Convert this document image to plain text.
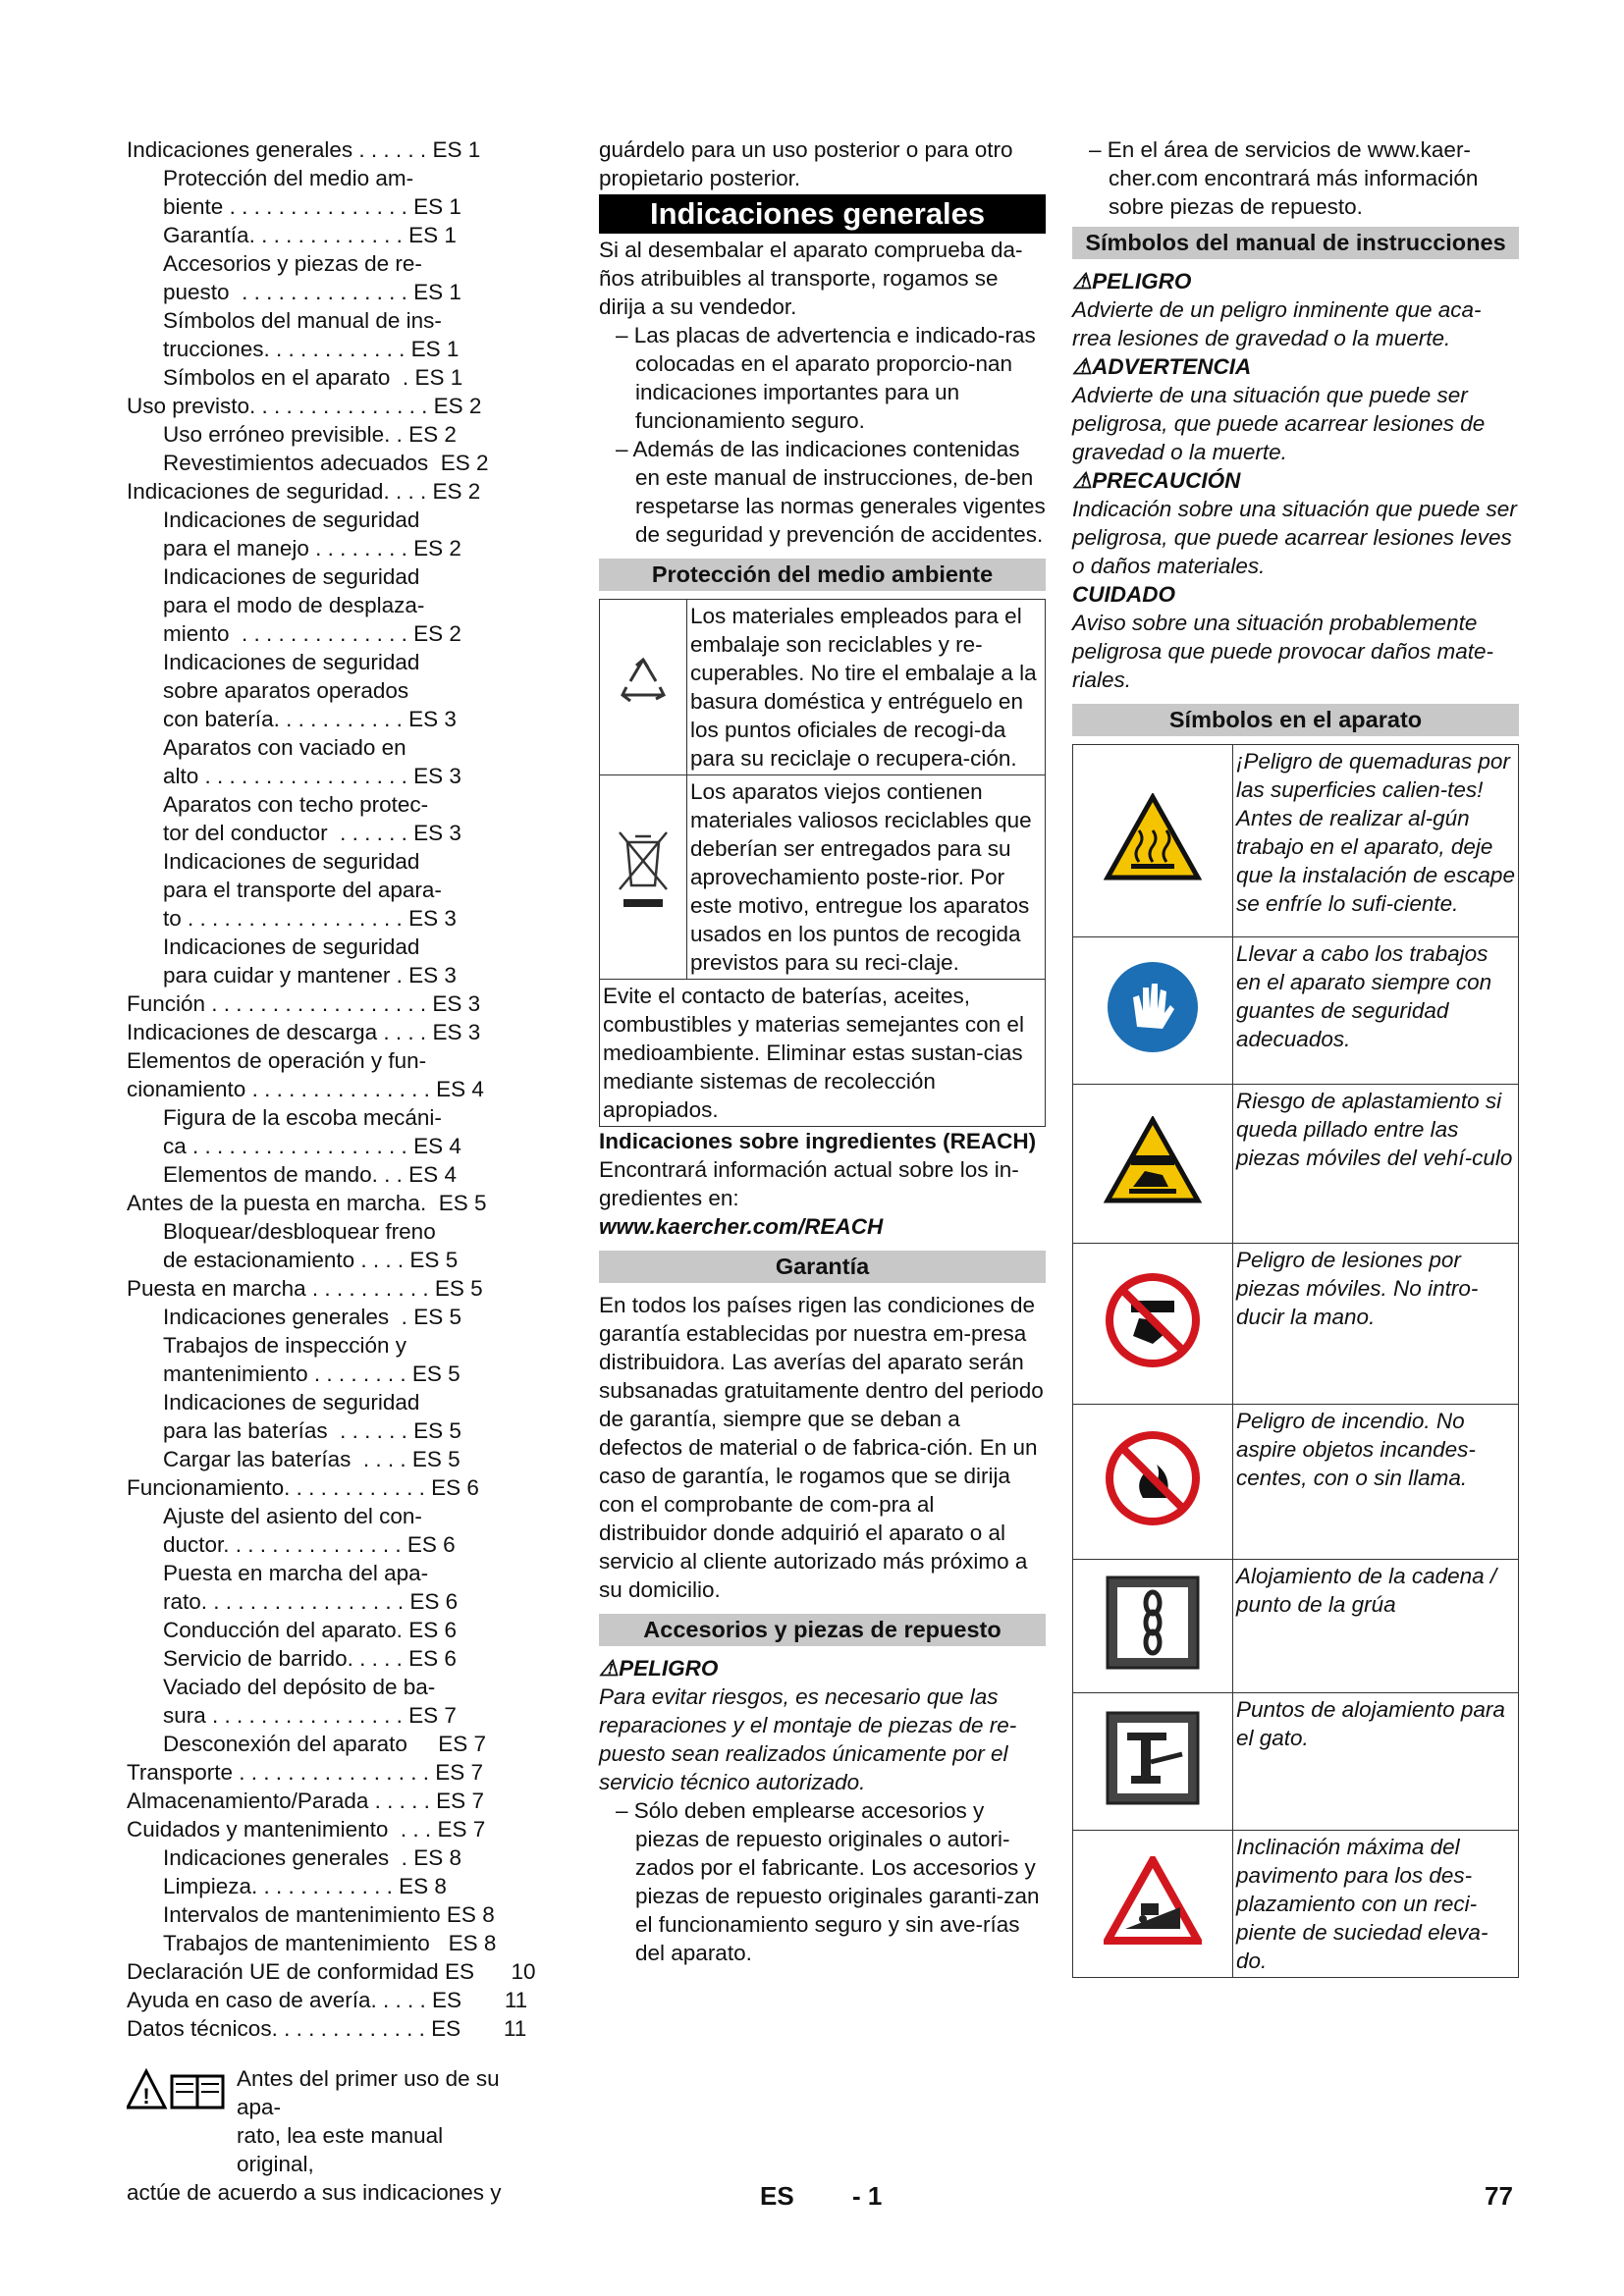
Indicaciones generales . . . . . . ES 1
Protección del medio am-
biente . . . . . . . . . . . . . . . ES 1
Garantía. . . . . . . . . . . . . ES 1
Accesorios y piezas de re-
puesto  . . . . . . . . . . . . . . ES 1
Símbolos del manual de ins-
trucciones. . . . . . . . . . . . ES 1
Símbolos en el aparato  . ES 1
Uso previsto. . . . . . . . . . . . . . . ES 2
Uso erróneo previsible. . ES 2
Revestimientos adecuados ES 2
Indicaciones de seguridad. . . . ES 2
Indicaciones de seguridad
para el manejo . . . . . . . . ES 2
Indicaciones de seguridad
para el modo de desplaza-
miento  . . . . . . . . . . . . . . ES 2
Indicaciones de seguridad
sobre aparatos operados
con batería. . . . . . . . . . . ES 3
Aparatos con vaciado en
alto . . . . . . . . . . . . . . . . . ES 3
Aparatos con techo protec-
tor del conductor  . . . . . . ES 3
Indicaciones de seguridad
para el transporte del apara-
to . . . . . . . . . . . . . . . . . . ES 3
Indicaciones de seguridad
para cuidar y mantener . ES 3
Función . . . . . . . . . . . . . . . . . . ES 3
Indicaciones de descarga . . . . ES 3
Elementos de operación y fun-
cionamiento . . . . . . . . . . . . . . . ES 4
Figura de la escoba mecáni-
ca . . . . . . . . . . . . . . . . . . ES 4
Elementos de mando. . . ES 4
Antes de la puesta en marcha. ES 5
Bloquear/desbloquear freno
de estacionamiento . . . . ES 5
Puesta en marcha . . . . . . . . . . ES 5
Indicaciones generales  . ES 5
Trabajos de inspección y
mantenimiento . . . . . . . . ES 5
Indicaciones de seguridad
para las baterías  . . . . . . ES 5
Cargar las baterías  . . . . ES 5
Funcionamiento. . . . . . . . . . . . ES 6
Ajuste del asiento del con-
ductor. . . . . . . . . . . . . . . ES 6
Puesta en marcha del apa-
rato. . . . . . . . . . . . . . . . . ES 6
Conducción del aparato. ES 6
Servicio de barrido. . . . . ES 6
Vaciado del depósito de ba-
sura . . . . . . . . . . . . . . . . ES 7
Desconexión del aparato ES 7
Transporte . . . . . . . . . . . . . . . . ES 7
Almacenamiento/Parada . . . . . ES 7
Cuidados y mantenimiento  . . . ES 7
Indicaciones generales  . ES 8
Limpieza. . . . . . . . . . . . ES 8
Intervalos de mantenimiento ES 8
Trabajos de mantenimiento ES 8
Declaración UE de conformidad ES      10
Ayuda en caso de avería. . . . . ES       11
Datos técnicos. . . . . . . . . . . . . ES       11
!
Antes del primer uso de su apa-
rato, lea este manual original,
actúe de acuerdo a sus indicaciones y

guárdelo para un uso posterior o para otro

propietario posterior.

Indicaciones generales

Si al desembalar el aparato comprueba da-ños atribuibles al transporte, rogamos se dirija a su vendedor.

– Las placas de advertencia e indicado-ras colocadas en el aparato proporcio-nan indicaciones importantes para un funcionamiento seguro.

– Además de las indicaciones contenidas en este manual de instrucciones, de-ben respetarse las normas generales vigentes de seguridad y prevención de accidentes.

Protección del medio ambiente
	Los materiales empleados para el embalaje son reciclables y re-cuperables. No tire el embalaje a la basura doméstica y entréguelo en los puntos oficiales de recogi-da para su reciclaje o recupera-ción.
	Los aparatos viejos contienen materiales valiosos reciclables que deberían ser entregados para su aprovechamiento poste-rior. Por este motivo, entregue los aparatos usados en los puntos de recogida previstos para su reci-claje.
Evite el contacto de baterías, aceites, combustibles y materias semejantes con el medioambiente. Eliminar estas sustan-cias mediante sistemas de recolección apropiados.	

Indicaciones sobre ingredientes (REACH)

Encontrará información actual sobre los in-gredientes en:

www.kaercher.com/REACH

Garantía

En todos los países rigen las condiciones de garantía establecidas por nuestra em-presa distribuidora. Las averías del aparato serán subsanadas gratuitamente dentro del periodo de garantía, siempre que se deban a defectos de material o de fabrica-ción. En un caso de garantía, le rogamos que se dirija con el comprobante de com-pra al distribuidor donde adquirió el aparato o al servicio al cliente autorizado más próximo a su domicilio.

Accesorios y piezas de repuesto

⚠PELIGRO

Para evitar riesgos, es necesario que las reparaciones y el montaje de piezas de re-puesto sean realizados únicamente por el servicio técnico autorizado.

– Sólo deben emplearse accesorios y piezas de repuesto originales o autori-zados por el fabricante. Los accesorios y piezas de repuesto originales garanti-zan el funcionamiento seguro y sin ave-rías del aparato.

– En el área de servicios de www.kaer-cher.com encontrará más información sobre piezas de repuesto.

Símbolos del manual de instrucciones

⚠PELIGRO

Advierte de un peligro inminente que aca-rrea lesiones de gravedad o la muerte.

⚠ADVERTENCIA

Advierte de una situación que puede ser peligrosa, que puede acarrear lesiones de gravedad o la muerte.

⚠PRECAUCIÓN

Indicación sobre una situación que puede ser peligrosa, que puede acarrear lesiones leves o daños materiales.

CUIDADO

Aviso sobre una situación probablemente peligrosa que puede provocar daños mate-riales.

Símbolos en el aparato
	¡Peligro de quemaduras por las superficies calien-tes! Antes de realizar al-gún trabajo en el aparato, deje que la instalación de escape se enfríe lo sufi-ciente.
	Llevar a cabo los trabajos en el aparato siempre con guantes de seguridad adecuados.
	Riesgo de aplastamiento si queda pillado entre las piezas móviles del vehí-culo
	Peligro de lesiones por piezas móviles. No intro-ducir la mano.
	Peligro de incendio. No aspire objetos incandes-centes, con o sin llama.
	Alojamiento de la cadena / punto de la grúa
	Puntos de alojamiento para el gato.
	Inclinación máxima del pavimento para los des-plazamiento con un reci-piente de suciedad eleva-do.
ES - 1	77
